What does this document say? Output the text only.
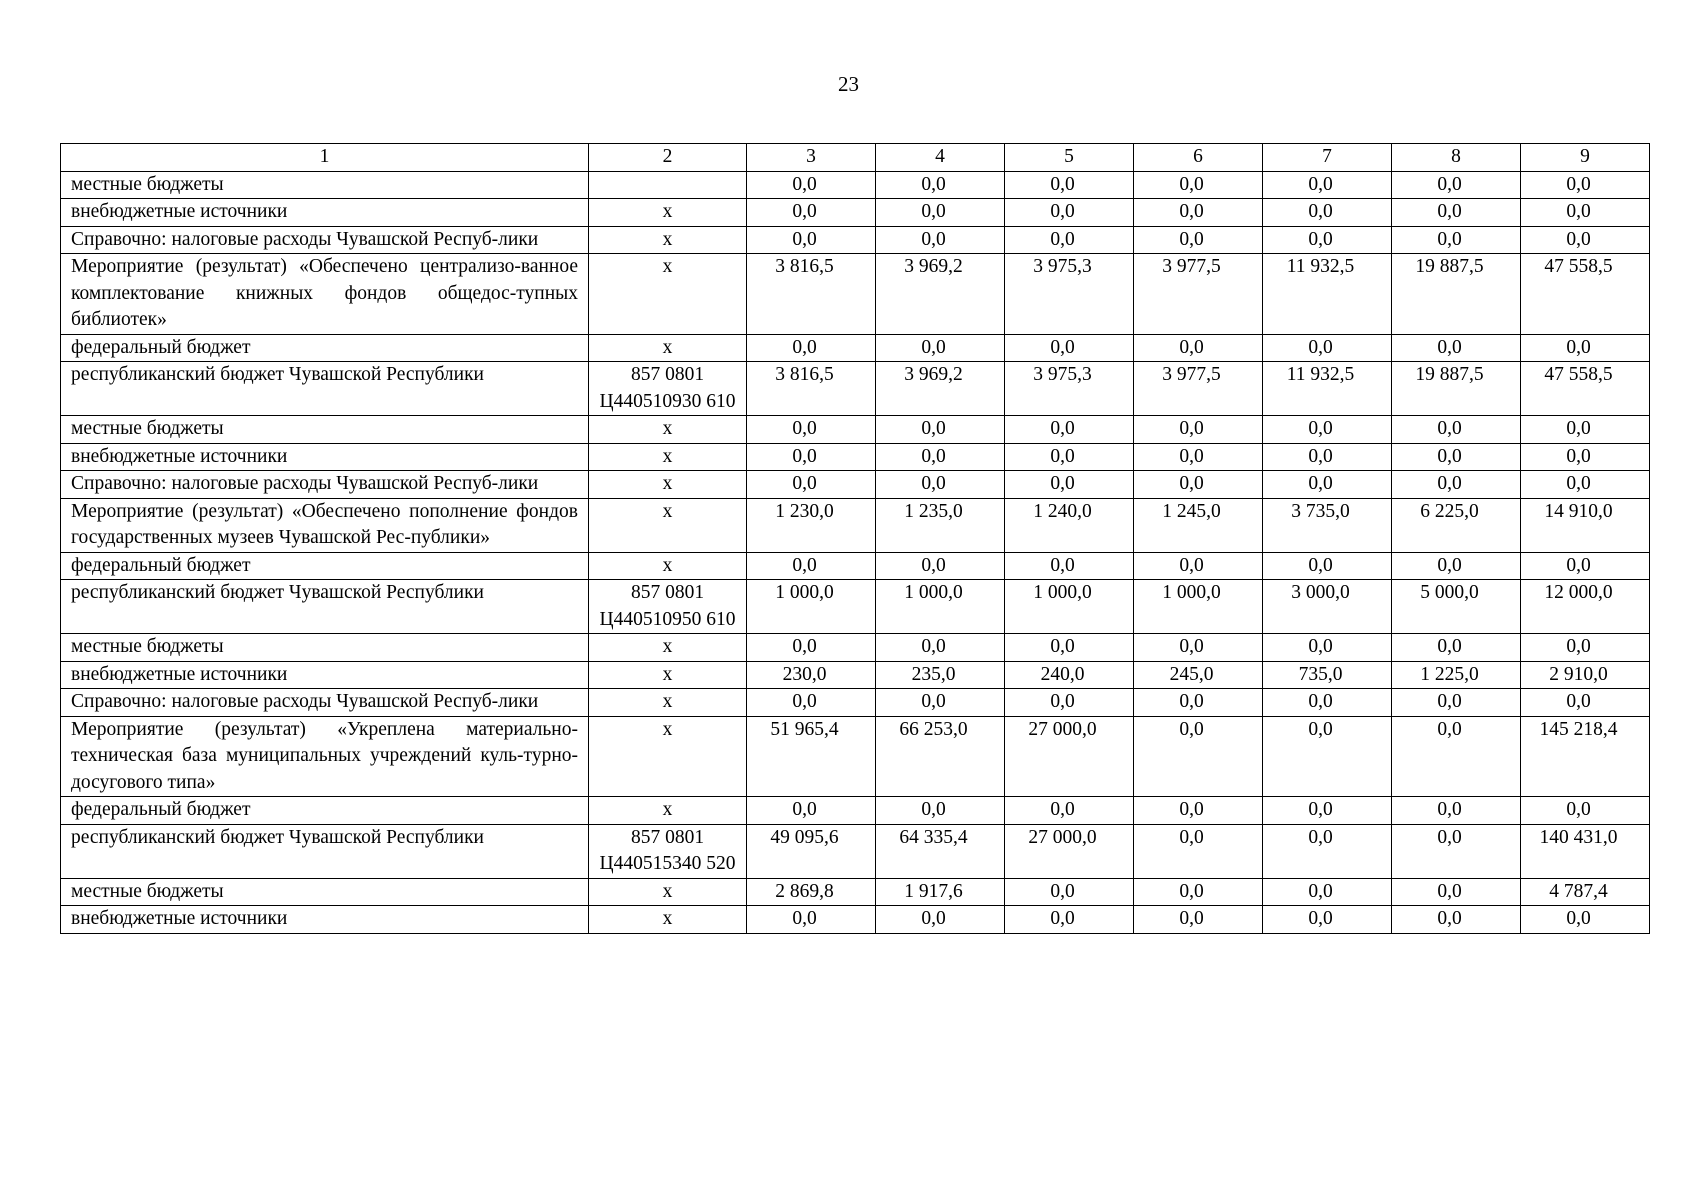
23
1	2	3	4	5	6	7	8	9
местные бюджеты		0,0	0,0	0,0	0,0	0,0	0,0	0,0
внебюджетные источники	х	0,0	0,0	0,0	0,0	0,0	0,0	0,0
Справочно: налоговые расходы Чувашской Респуб-лики	х	0,0	0,0	0,0	0,0	0,0	0,0	0,0
Мероприятие (результат) «Обеспечено централизо-ванное комплектование книжных фондов общедос-тупных библиотек»	х	3 816,5	3 969,2	3 975,3	3 977,5	11 932,5	19 887,5	47 558,5
федеральный бюджет	х	0,0	0,0	0,0	0,0	0,0	0,0	0,0
республиканский бюджет Чувашской Республики	857 0801 Ц440510930 610	3 816,5	3 969,2	3 975,3	3 977,5	11 932,5	19 887,5	47 558,5
местные бюджеты	х	0,0	0,0	0,0	0,0	0,0	0,0	0,0
внебюджетные источники	х	0,0	0,0	0,0	0,0	0,0	0,0	0,0
Справочно: налоговые расходы Чувашской Респуб-лики	х	0,0	0,0	0,0	0,0	0,0	0,0	0,0
Мероприятие (результат) «Обеспечено пополнение фондов государственных музеев Чувашской Рес-публики»	х	1 230,0	1 235,0	1 240,0	1 245,0	3 735,0	6 225,0	14 910,0
федеральный бюджет	х	0,0	0,0	0,0	0,0	0,0	0,0	0,0
республиканский бюджет Чувашской Республики	857 0801 Ц440510950 610	1 000,0	1 000,0	1 000,0	1 000,0	3 000,0	5 000,0	12 000,0
местные бюджеты	х	0,0	0,0	0,0	0,0	0,0	0,0	0,0
внебюджетные источники	х	230,0	235,0	240,0	245,0	735,0	1 225,0	2 910,0
Справочно: налоговые расходы Чувашской Респуб-лики	х	0,0	0,0	0,0	0,0	0,0	0,0	0,0
Мероприятие (результат) «Укреплена материально-техническая база муниципальных учреждений куль-турно-досугового типа»	х	51 965,4	66 253,0	27 000,0	0,0	0,0	0,0	145 218,4
федеральный бюджет	х	0,0	0,0	0,0	0,0	0,0	0,0	0,0
республиканский бюджет Чувашской Республики	857 0801 Ц440515340 520	49 095,6	64 335,4	27 000,0	0,0	0,0	0,0	140 431,0
местные бюджеты	х	2 869,8	1 917,6	0,0	0,0	0,0	0,0	4 787,4
внебюджетные источники	х	0,0	0,0	0,0	0,0	0,0	0,0	0,0
